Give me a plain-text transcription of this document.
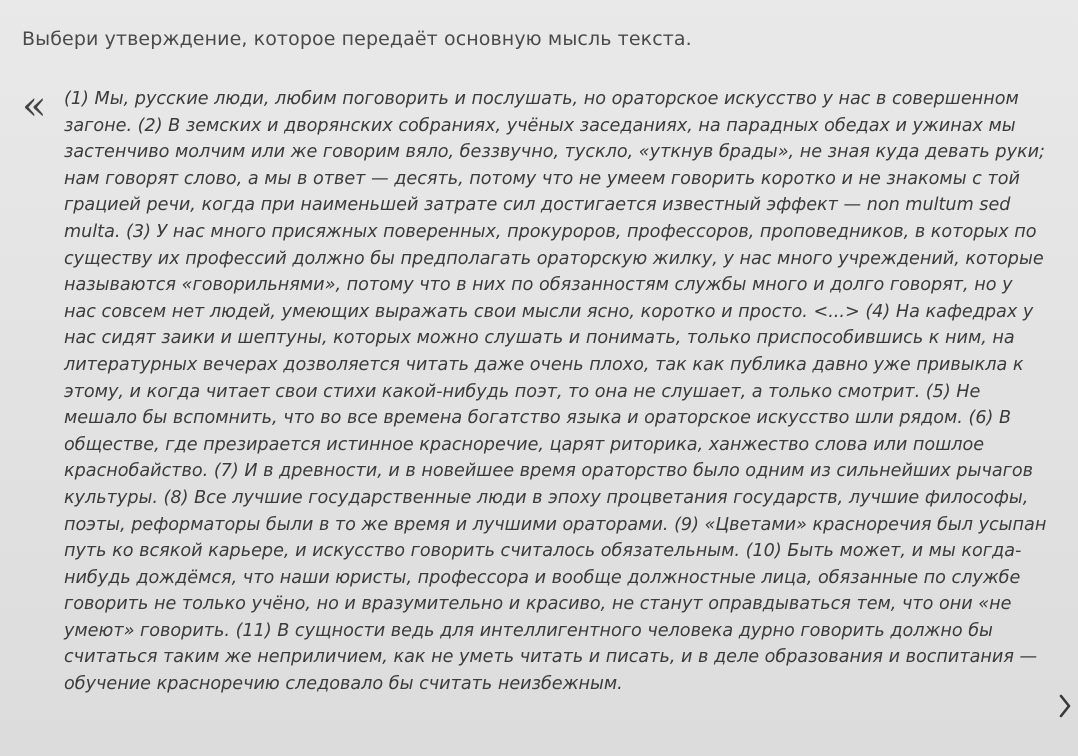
Выбери утверждение, которое передаёт основную мысль текста.
« (1) Мы, русские люди, любим поговорить и послушать, но ораторское искусство у нас в совершенном загоне. (2) В земских и дворянских собраниях, учёных заседаниях, на парадных обедах и ужинах мы застенчиво молчим или же говорим вяло, беззвучно, тускло, «уткнув брады», не зная куда девать руки; нам говорят слово, а мы в ответ — десять, потому что не умеем говорить коротко и не знакомы с той грацией речи, когда при наименьшей затрате сил достигается известный эффект — non multum sed multa. (3) У нас много присяжных поверенных, прокуроров, профессоров, проповедников, в которых по существу их профессий должно бы предполагать ораторскую жилку, у нас много учреждений, которые называются «говорильнями», потому что в них по обязанностям службы много и долго говорят, но у нас совсем нет людей, умеющих выражать свои мысли ясно, коротко и просто. <...> (4) На кафедрах у нас сидят заики и шептуны, которых можно слушать и понимать, только приспособившись к ним, на литературных вечерах дозволяется читать даже очень плохо, так как публика давно уже привыкла к этому, и когда читает свои стихи какой-нибудь поэт, то она не слушает, а только смотрит. (5) Не мешало бы вспомнить, что во все времена богатство языка и ораторское искусство шли рядом. (6) В обществе, где презирается истинное красноречие, царят риторика, ханжество слова или пошлое краснобайство. (7) И в древности, и в новейшее время ораторство было одним из сильнейших рычагов культуры. (8) Все лучшие государственные люди в эпоху процветания государств, лучшие философы, поэты, реформаторы были в то же время и лучшими ораторами. (9) «Цветами» красноречия был усыпан путь ко всякой карьере, и искусство говорить считалось обязательным. (10) Быть может, и мы когда-нибудь дождёмся, что наши юристы, профессора и вообще должностные лица, обязанные по службе говорить не только учёно, но и вразумительно и красиво, не станут оправдываться тем, что они «не умеют» говорить. (11) В сущности ведь для интеллигентного человека дурно говорить должно бы считаться таким же неприличием, как не уметь читать и писать, и в деле образования и воспитания — обучение красноречию следовало бы считать неизбежным.
